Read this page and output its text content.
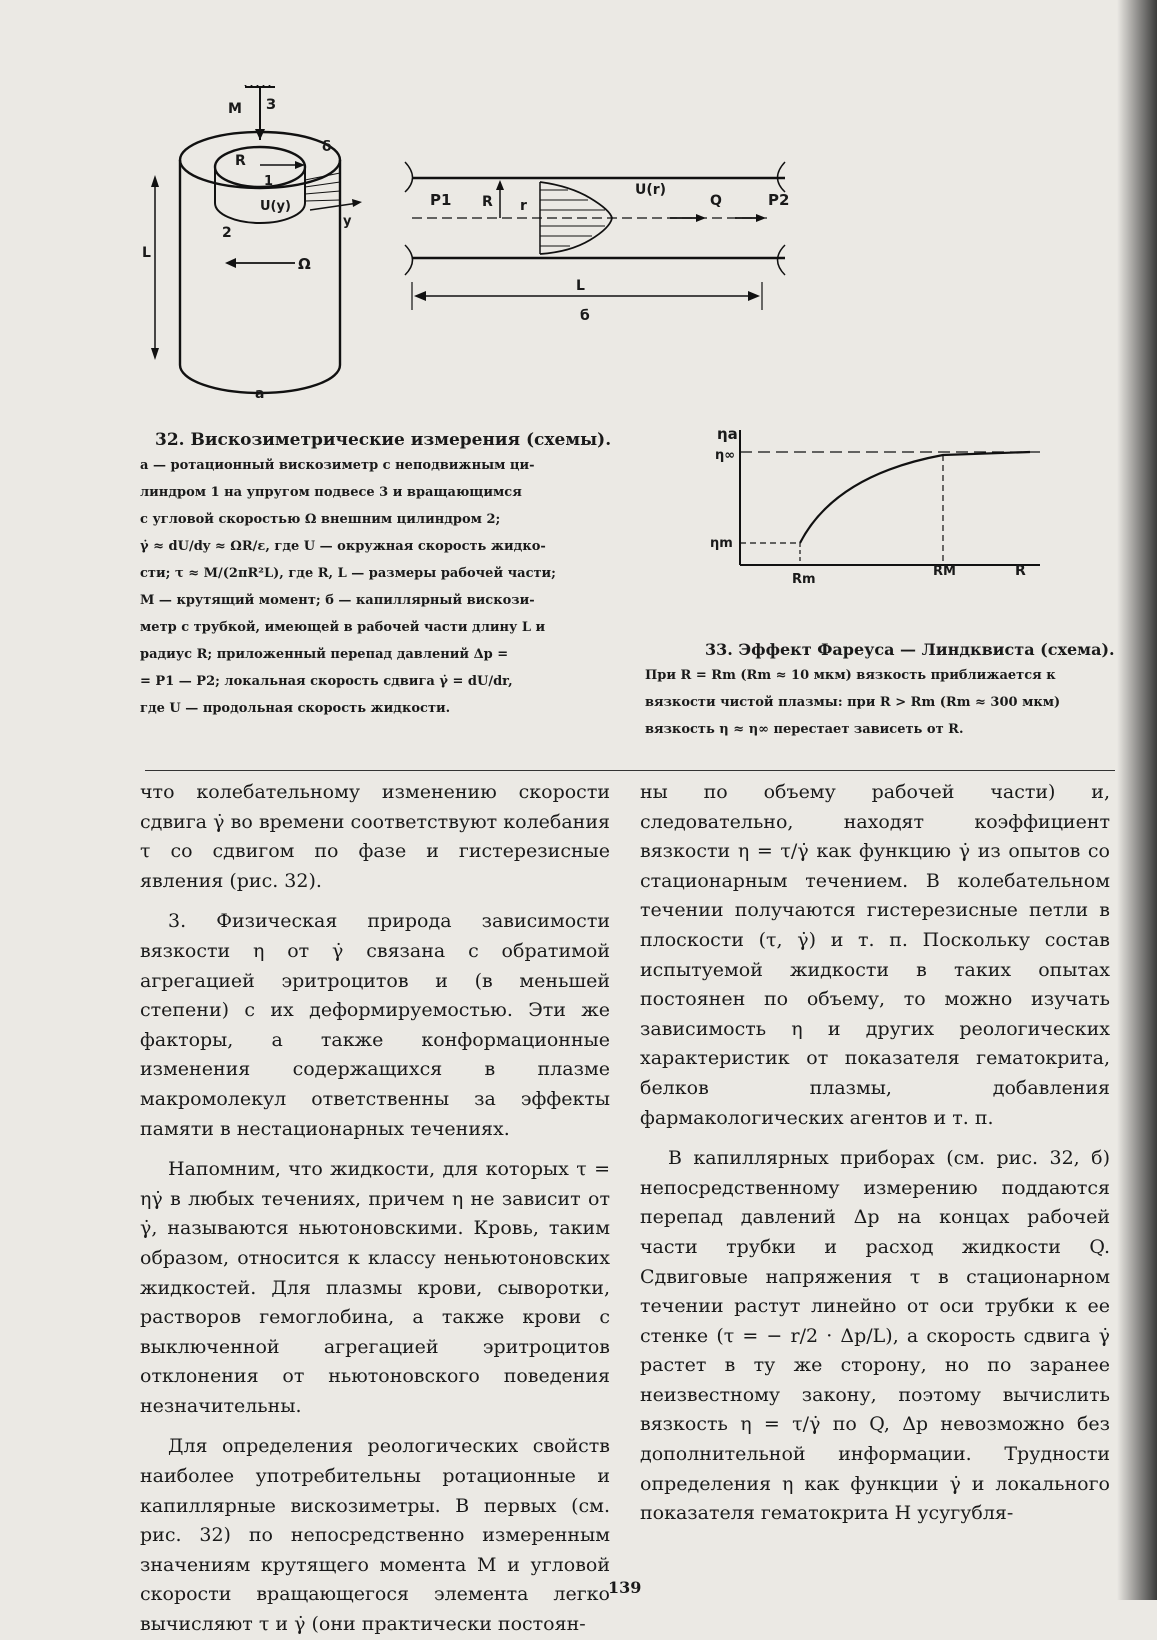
M З
R
δ
1
U(y)
y
2
L
Ω
а
P1 R r
U(r)
Q	P2
L
б
ηa
η∞
ηm
Rm
RM	R
32. Вискозиметрические измерения (схемы).
а — ротационный вискозиметр с неподвижным ци-
линдром 1 на упругом подвесе 3 и вращающимся
с угловой скоростью Ω внешним цилиндром 2;
γ̇ ≈ dU/dy ≈ ΩR/ε, где U — окружная скорость жидко-
сти; τ ≈ M/(2πR²L), где R, L — размеры рабочей части;
M — крутящий момент; б — капиллярный вискози-
метр с трубкой, имеющей в рабочей части длину L и
радиус R; приложенный перепад давлений Δp =
= P1 — P2; локальная скорость сдвига γ̇ = dU/dr,
где U — продольная скорость жидкости.
33. Эффект Фареуса — Линдквиста (схема).
При R = Rm (Rm ≈ 10 мкм) вязкость приближается к
вязкости чистой плазмы: при R > Rm (Rm ≈ 300 мкм)
вязкость η ≈ η∞ перестает зависеть от R.

что колебательному изменению скорости сдвига γ̇ во времени соответствуют колебания τ со сдвигом по фазе и гистерезисные явления (рис. 32).

3. Физическая природа зависимости вязкости η от γ̇ связана с обратимой агрегацией эритроцитов и (в меньшей степени) с их деформируемостью. Эти же факторы, а также конформационные изменения содержащихся в плазме макромолекул ответственны за эффекты памяти в нестационарных течениях.

Напомним, что жидкости, для которых τ = ηγ̇ в любых течениях, причем η не зависит от γ̇, называются ньютоновскими. Кровь, таким образом, относится к классу неньютоновских жидкостей. Для плазмы крови, сыворотки, растворов гемоглобина, а также крови с выключенной агрегацией эритроцитов отклонения от ньютоновского поведения незначительны.

Для определения реологических свойств наиболее употребительны ротационные и капиллярные вискозиметры. В первых (см. рис. 32) по непосредственно измеренным значениям крутящего момента M и угловой скорости вращающегося элемента легко вычисляют τ и γ̇ (они практически постоян-

ны по объему рабочей части) и, следовательно, находят коэффициент вязкости η = τ/γ̇ как функцию γ̇ из опытов со стационарным течением. В колебательном течении получаются гистерезисные петли в плоскости (τ, γ̇) и т. п. Поскольку состав испытуемой жидкости в таких опытах постоянен по объему, то можно изучать зависимость η и других реологических характеристик от показателя гематокрита, белков плазмы, добавления фармакологических агентов и т. п.

В капиллярных приборах (см. рис. 32, б) непосредственному измерению поддаются перепад давлений Δp на концах рабочей части трубки и расход жидкости Q. Сдвиговые напряжения τ в стационарном течении растут линейно от оси трубки к ее стенке (τ = − r/2 · Δp/L), а скорость сдвига γ̇ растет в ту же сторону, но по заранее неизвестному закону, поэтому вычислить вязкость η = τ/γ̇ по Q, Δp невозможно без дополнительной информации. Трудности определения η как функции γ̇ и локального показателя гематокрита H усугубля-

139
